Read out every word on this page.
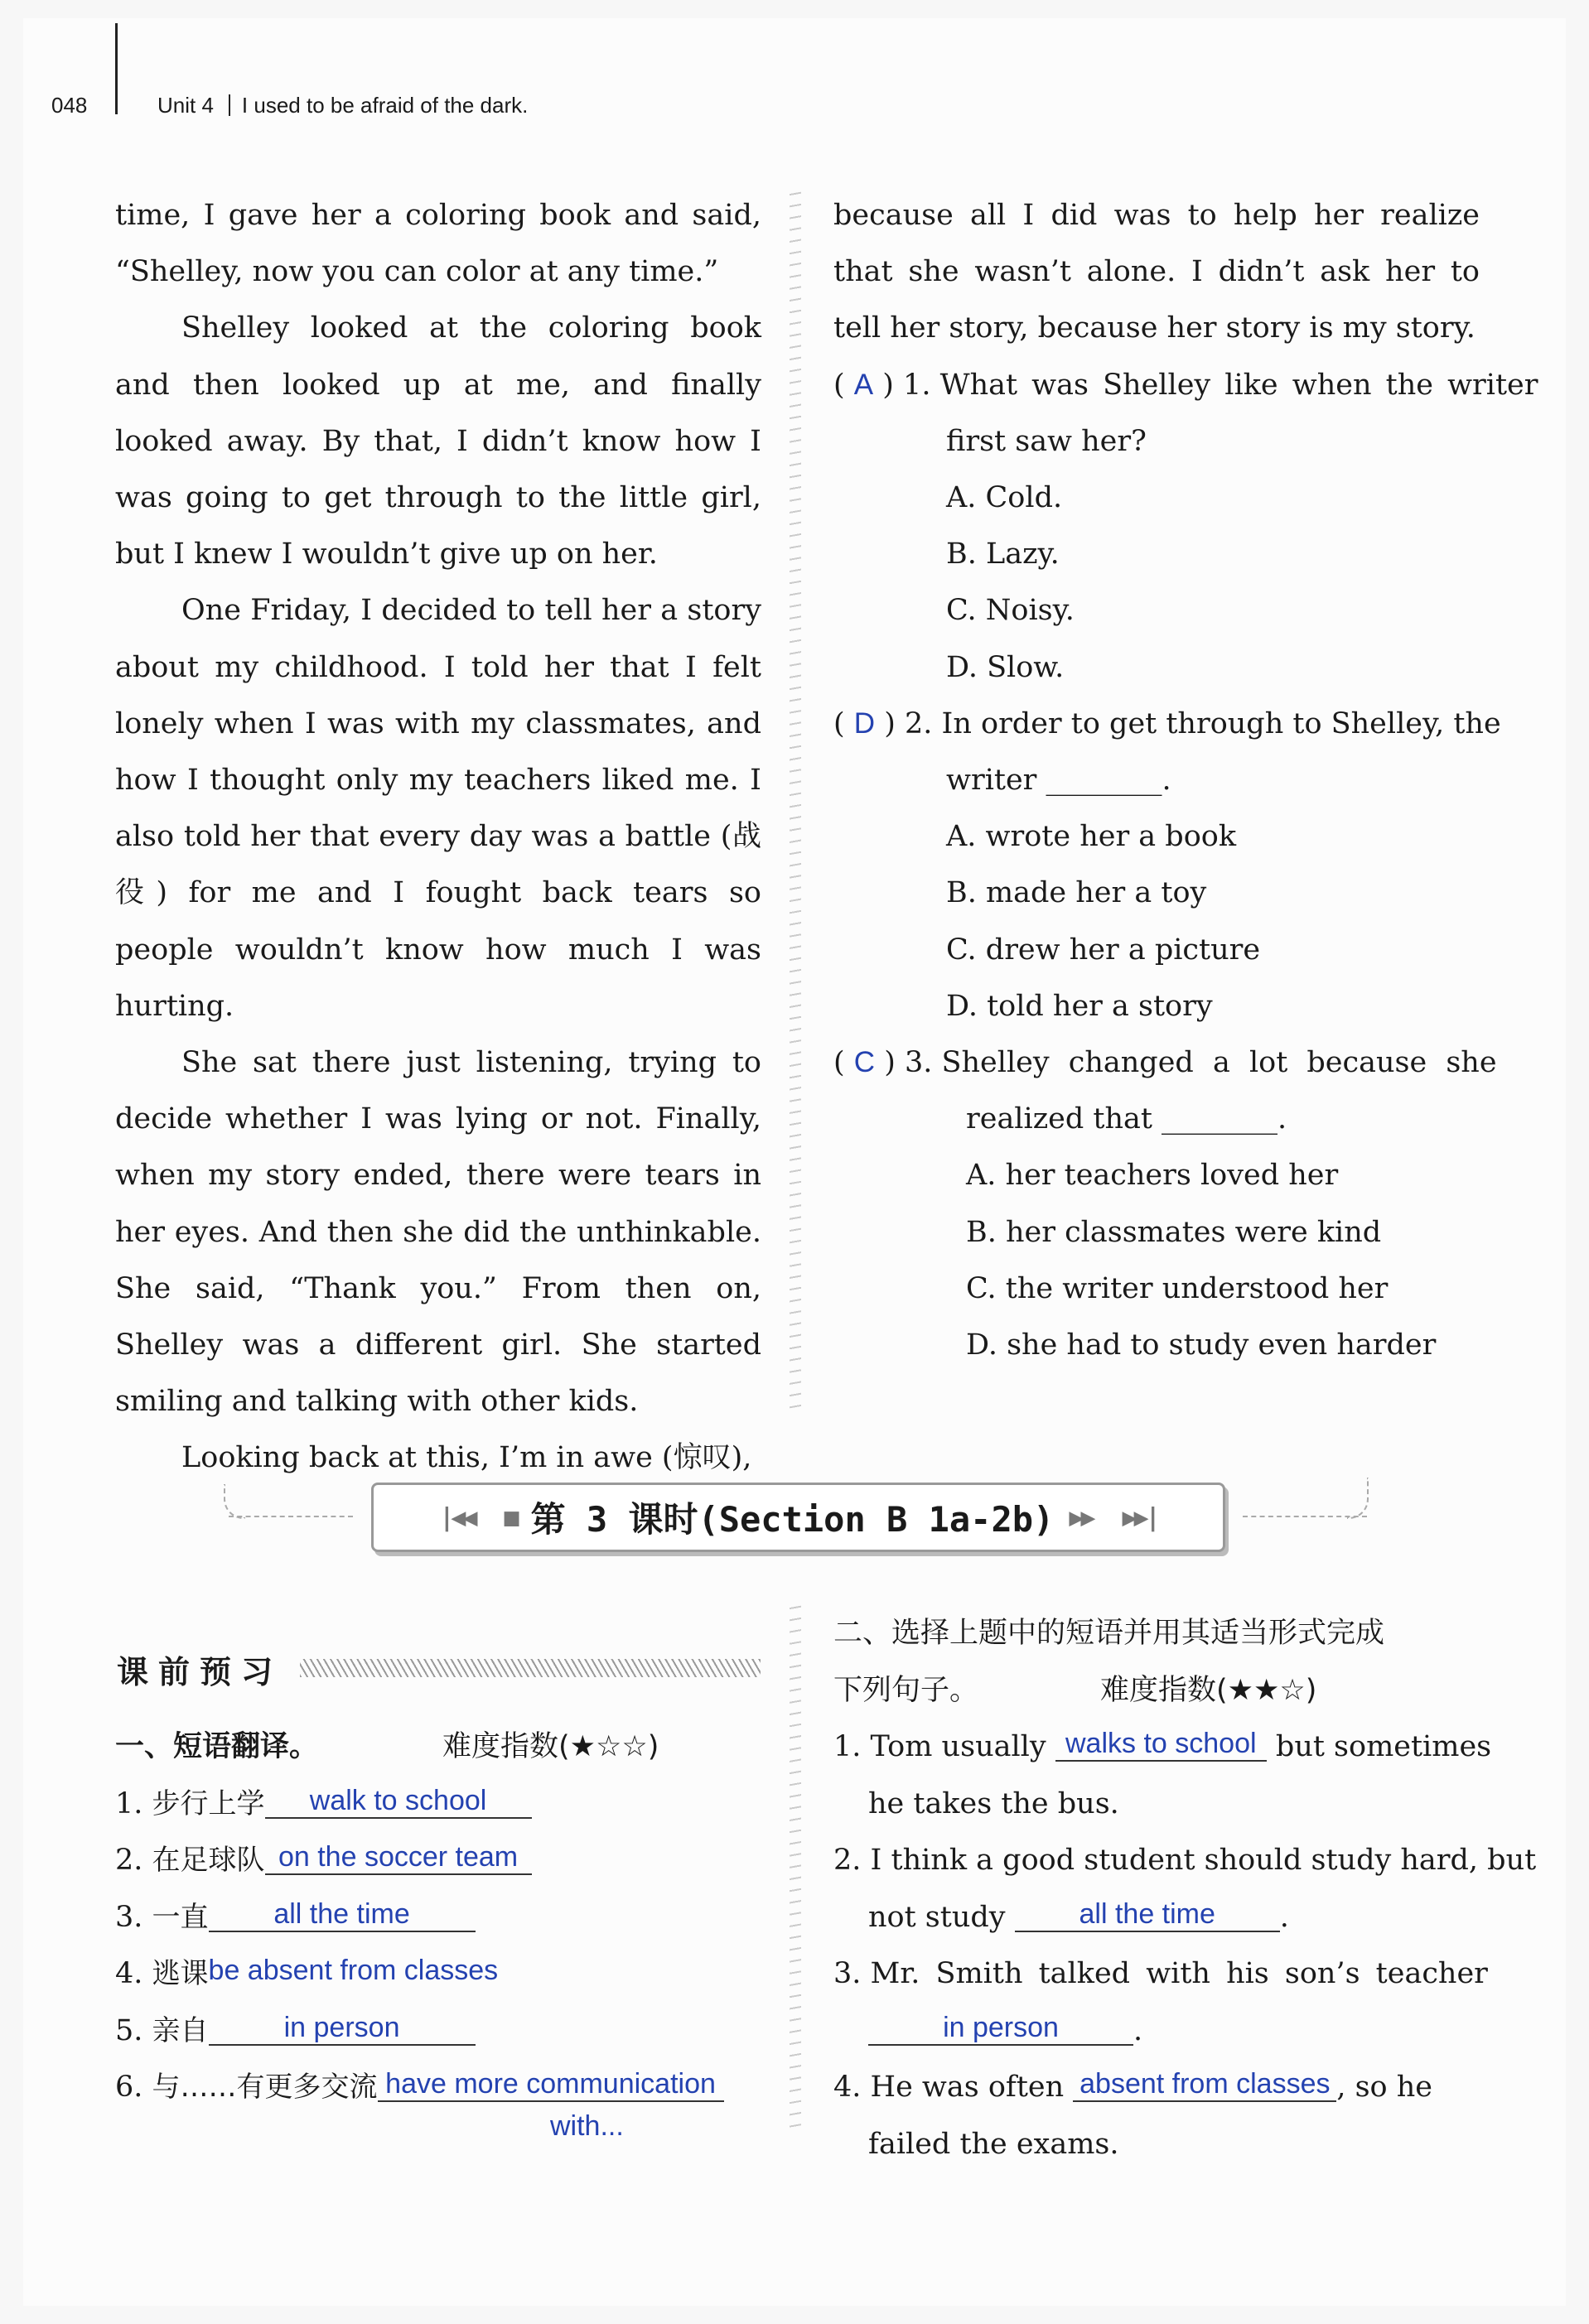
048	Unit 4 I used to be afraid of the dark.

time, I gave her a coloring book and said, “Shelley, now you can color at any time.”

Shelley looked at the coloring book and then looked up at me, and finally looked away. By that, I didn’t know how I was going to get through to the little girl, but I knew I wouldn’t give up on her.

One Friday, I decided to tell her a story about my childhood. I told her that I felt lonely when I was with my classmates, and how I thought only my teachers liked me. I also told her that every day was a battle (战役) for me and I fought back tears so people wouldn’t know how much I was hurting.

She sat there just listening, trying to decide whether I was lying or not. Finally, when my story ended, there were tears in her eyes. And then she did the unthinkable. She said, “Thank you.” From then on, Shelley was a different girl. She started smiling and talking with other kids.

Looking back at this, I’m in awe (惊叹),

because all I did was to help her realize that she wasn’t alone. I didn’t ask her to tell her story, because her story is my story.

( A ) 1. What was Shelley like when the writer

first saw her?

A. Cold.

B. Lazy.

C. Noisy.

D. Slow.

( D ) 2. In order to get through to Shelley, the

writer ________.

A. wrote her a book

B. made her a toy

C. drew her a picture

D. told her a story

( C ) 3. Shelley changed a lot because she

realized that ________.

A. her teachers loved her

B. her classmates were kind

C. the writer understood her

D. she had to study even harder

|◀◀ ■ 第 3 课时(Section B 1a-2b) ▶▶ ▶▶|
课前预习
一、短语翻译。	难度指数(★☆☆)
1. 步行上学 walk to school
2. 在足球队 on the soccer team
3. 一直 all the time
4. 逃课be absent from classes
5. 亲自	in person
6. 与……有更多交流 have more communication
with...
二、选择上题中的短语并用其适当形式完成
下列句子。	难度指数(★★☆)
1. Tom usually walks to school but sometimes
he takes the bus.
2. I think a good student should study hard, but
not study	all the time .
3. Mr. Smith talked with his son’s teacher
in person	.
4. He was often absent from classes , so he
failed the exams.
